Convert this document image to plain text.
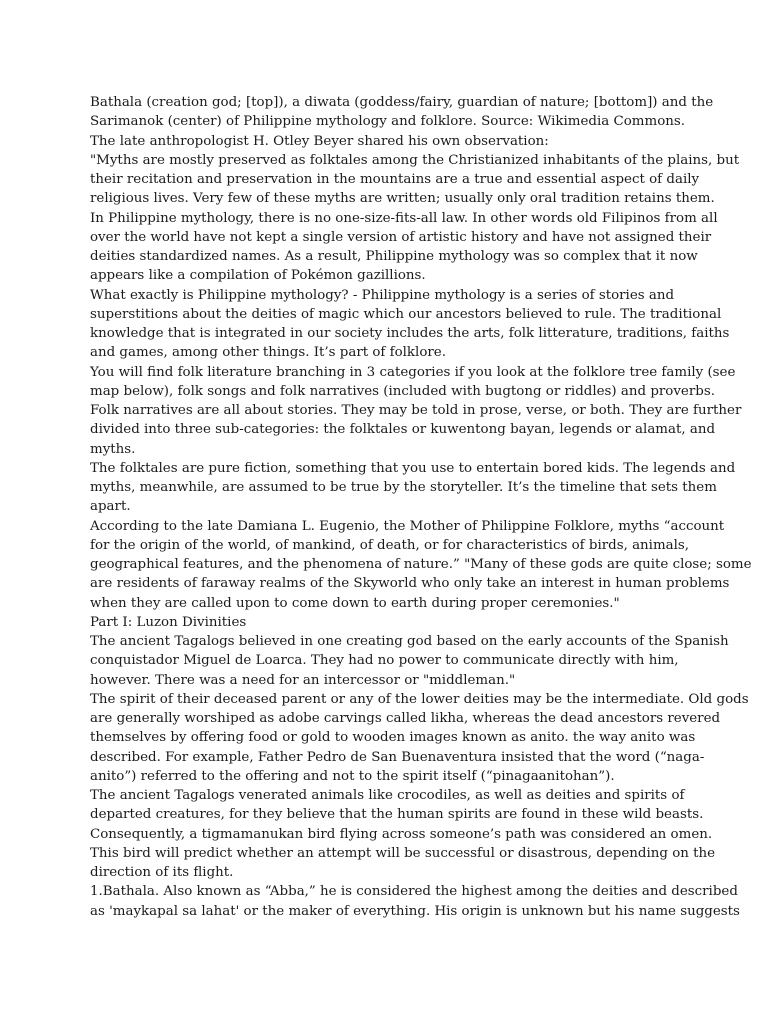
Bathala (creation god; [top]), a diwata (goddess/fairy, guardian of nature; [bottom]) and the
Sarimanok (center) of Philippine mythology and folklore. Source: Wikimedia Commons.

The late anthropologist H. Otley Beyer shared his own observation:

"Myths are mostly preserved as folktales among the Christianized inhabitants of the plains, but
their recitation and preservation in the mountains are a true and essential aspect of daily
religious lives. Very few of these myths are written; usually only oral tradition retains them.

In Philippine mythology, there is no one-size-fits-all law. In other words old Filipinos from all
over the world have not kept a single version of artistic history and have not assigned their
deities standardized names. As a result, Philippine mythology was so complex that it now
appears like a compilation of Pokémon gazillions.

What exactly is Philippine mythology? - Philippine mythology is a series of stories and
superstitions about the deities of magic which our ancestors believed to rule. The traditional
knowledge that is integrated in our society includes the arts, folk litterature, traditions, faiths
and games, among other things. It’s part of folklore.

You will find folk literature branching in 3 categories if you look at the folklore tree family (see
map below), folk songs and folk narratives (included with bugtong or riddles) and proverbs.

Folk narratives are all about stories. They may be told in prose, verse, or both. They are further
divided into three sub-categories: the folktales or kuwentong bayan, legends or alamat, and
myths.

The folktales are pure fiction, something that you use to entertain bored kids. The legends and
myths, meanwhile, are assumed to be true by the storyteller. It’s the timeline that sets them
apart.

According to the late Damiana L. Eugenio, the Mother of Philippine Folklore, myths “account
for the origin of the world, of mankind, of death, or for characteristics of birds, animals,
geographical features, and the phenomena of nature.” "Many of these gods are quite close; some
are residents of faraway realms of the Skyworld who only take an interest in human problems
when they are called upon to come down to earth during proper ceremonies."

Part I: Luzon Divinities

The ancient Tagalogs believed in one creating god based on the early accounts of the Spanish
conquistador Miguel de Loarca. They had no power to communicate directly with him,
however. There was a need for an intercessor or "middleman."

The spirit of their deceased parent or any of the lower deities may be the intermediate. Old gods
are generally worshiped as adobe carvings called likha, whereas the dead ancestors revered
themselves by offering food or gold to wooden images known as anito. the way anito was
described. For example, Father Pedro de San Buenaventura insisted that the word (“naga-
anito”) referred to the offering and not to the spirit itself (“pinagaanitohan”).

The ancient Tagalogs venerated animals like crocodiles, as well as deities and spirits of
departed creatures, for they believe that the human spirits are found in these wild beasts.
Consequently, a tigmamanukan bird flying across someone’s path was considered an omen.
This bird will predict whether an attempt will be successful or disastrous, depending on the
direction of its flight.

1.Bathala. Also known as “Abba,” he is considered the highest among the deities and described
as 'maykapal sa lahat' or the maker of everything. His origin is unknown but his name suggests
